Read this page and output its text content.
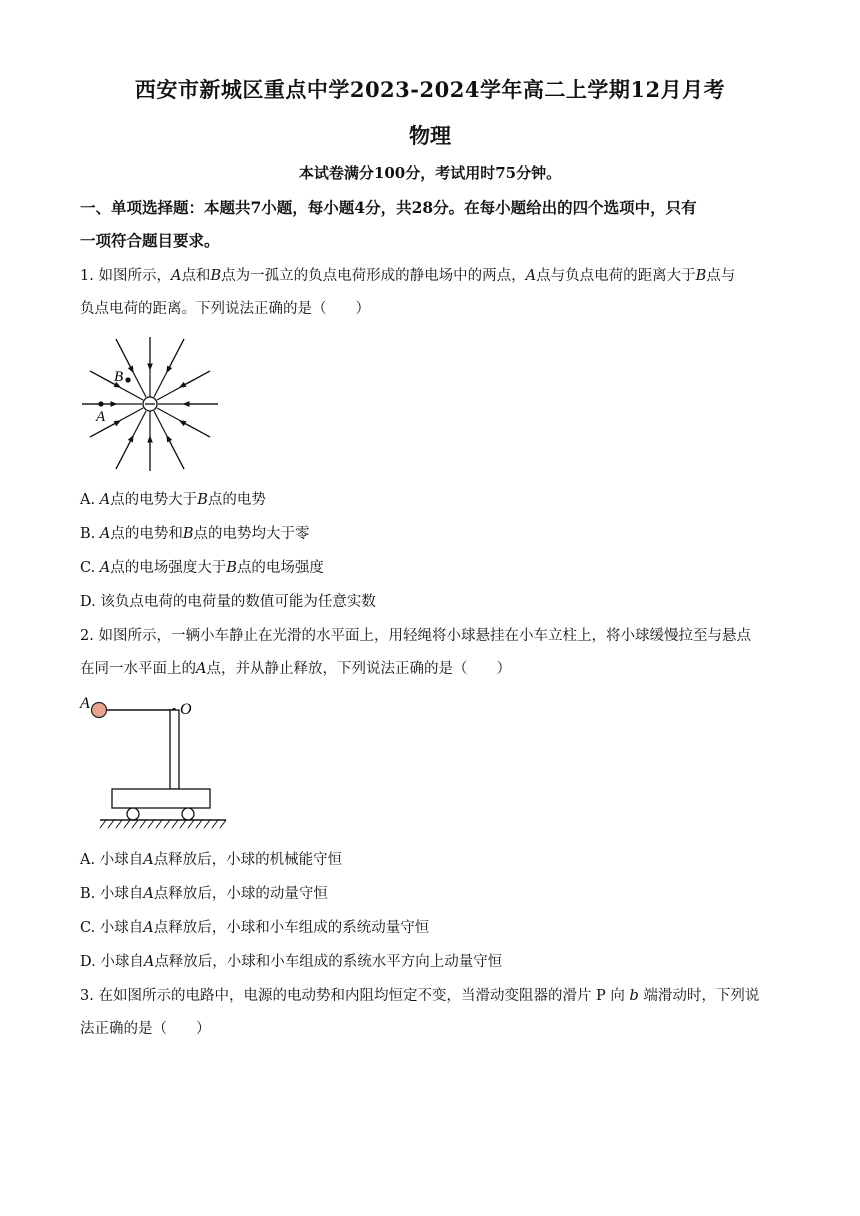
西安市新城区重点中学2023-2024学年高二上学期12月月考
物理
本试卷满分100分，考试用时75分钟。
一、单项选择题：本题共7小题，每小题4分，共28分。在每小题给出的四个选项中，只有
一项符合题目要求。
1. 如图所示，A点和B点为一孤立的负点电荷形成的静电场中的两点，A点与负点电荷的距离大于B点与
负点电荷的距离。下列说法正确的是（　　）
A
B
A. A点的电势大于B点的电势
B. A点的电势和B点的电势均大于零
C. A点的电场强度大于B点的电场强度
D. 该负点电荷的电荷量的数值可能为任意实数
2. 如图所示，一辆小车静止在光滑的水平面上，用轻绳将小球悬挂在小车立柱上，将小球缓慢拉至与悬点
在同一水平面上的A点，并从静止释放，下列说法正确的是（　　）
A	O
A. 小球自A点释放后，小球的机械能守恒
B. 小球自A点释放后，小球的动量守恒
C. 小球自A点释放后，小球和小车组成的系统动量守恒
D. 小球自A点释放后，小球和小车组成的系统水平方向上动量守恒
3. 在如图所示的电路中，电源的电动势和内阻均恒定不变，当滑动变阻器的滑片 P 向 b 端滑动时，下列说
法正确的是（　　）
